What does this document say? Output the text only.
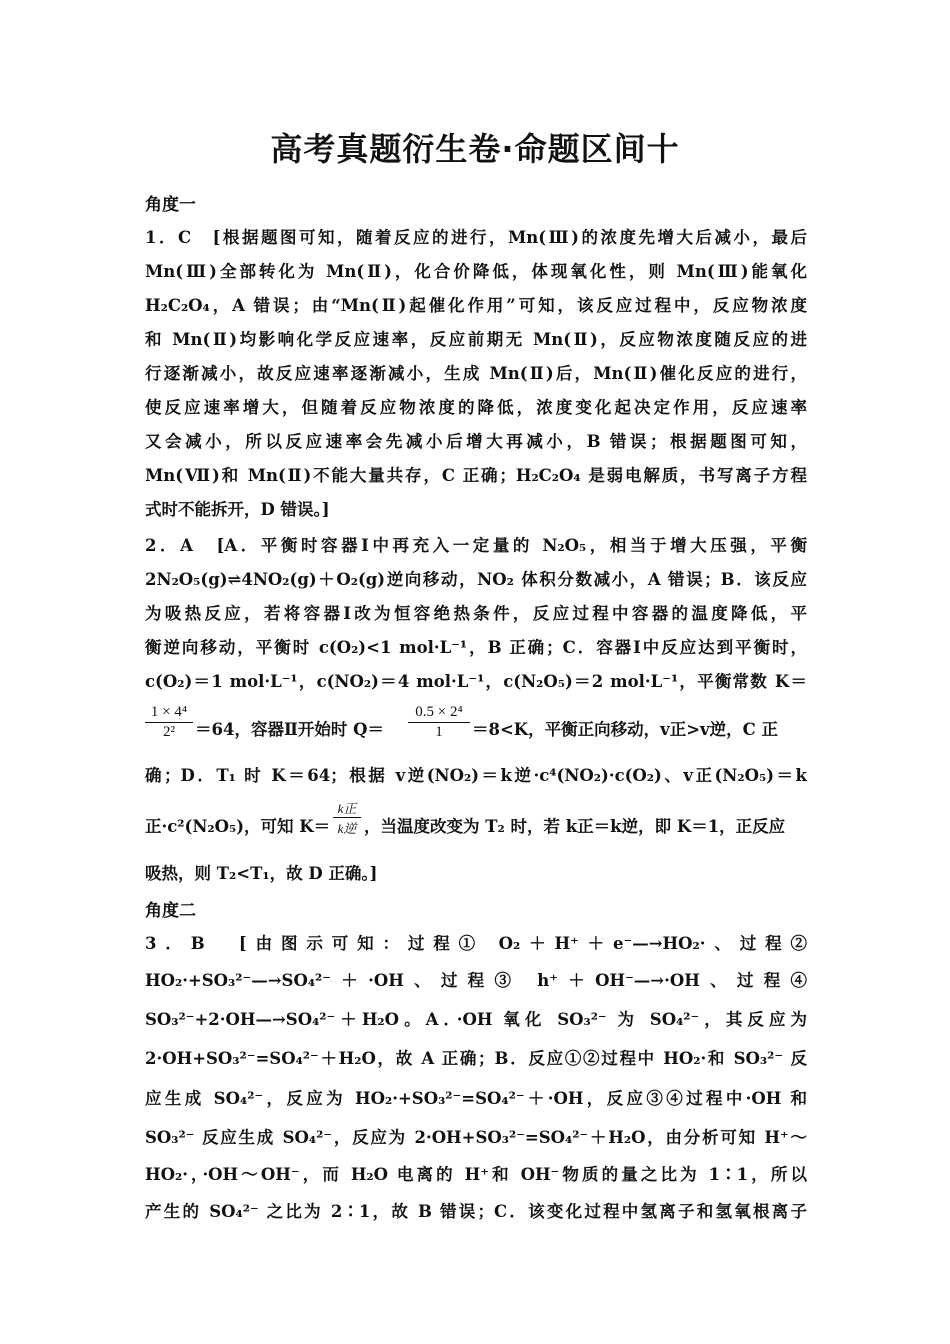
高考真题衍生卷·命题区间十
角度一
1．C　[根据题图可知，随着反应的进行，Mn(Ⅲ)的浓度先增大后减小，最后
Mn(Ⅲ)全部转化为 Mn(Ⅱ)，化合价降低，体现氧化性，则 Mn(Ⅲ)能氧化
H₂C₂O₄，A 错误；由“Mn(Ⅱ)起催化作用”可知，该反应过程中，反应物浓度
和 Mn(Ⅱ)均影响化学反应速率，反应前期无 Mn(Ⅱ)，反应物浓度随反应的进
行逐渐减小，故反应速率逐渐减小，生成 Mn(Ⅱ)后，Mn(Ⅱ)催化反应的进行，
使反应速率增大，但随着反应物浓度的降低，浓度变化起决定作用，反应速率
又会减小，所以反应速率会先减小后增大再减小，B 错误；根据题图可知，
Mn(Ⅶ)和 Mn(Ⅱ)不能大量共存，C 正确；H₂C₂O₄ 是弱电解质，书写离子方程
式时不能拆开，D 错误。]
2．A　[A．平衡时容器Ⅰ中再充入一定量的 N₂O₅，相当于增大压强，平衡
2N₂O₅(g)⇌4NO₂(g)＋O₂(g)逆向移动，NO₂ 体积分数减小，A 错误；B．该反应
为吸热反应，若将容器Ⅰ改为恒容绝热条件，反应过程中容器的温度降低，平
衡逆向移动，平衡时 c(O₂)<1 mol·L⁻¹，B 正确；C．容器Ⅰ中反应达到平衡时，
c(O₂)＝1 mol·L⁻¹，c(NO₂)＝4 mol·L⁻¹，c(N₂O₅)＝2 mol·L⁻¹，平衡常数 K＝
$\frac{\text{1 × 4⁴}}{\text{2²}} =64$，容器Ⅱ开始时 $Q= \frac{\text{0.5 × 2⁴}}{1} =8<K$，平衡正向移动，v正>v逆，C 正
确；D．T₁ 时 K＝64；根据 v逆(NO₂)＝k逆·c⁴(NO₂)·c(O₂)、v正(N₂O₅)＝k
正·c²(N₂O₅)，可知 K＝
k正
k逆 ，当温度改变为 T₂ 时，若 k正＝k逆，即 K＝1，正反应
吸热，则 T₂<T₁，故 D 正确。]
角度二
3．B　[由图示可知：过程① O₂＋H⁺＋e⁻—→HO₂·、过程②
HO₂·+SO₃²⁻—→SO₄²⁻＋·OH、过程③ h⁺＋OH⁻—→·OH、过程④
SO₃²⁻+2·OH—→SO₄²⁻＋H₂O。A．·OH 氧化 SO₃²⁻ 为 SO₄²⁻，其反应为
2·OH+SO₃²⁻=SO₄²⁻＋H₂O，故 A 正确；B．反应①②过程中 HO₂·和 SO₃²⁻ 反
应生成 SO₄²⁻，反应为 HO₂·+SO₃²⁻=SO₄²⁻＋·OH，反应③④过程中·OH 和
SO₃²⁻ 反应生成 SO₄²⁻，反应为 2·OH+SO₃²⁻=SO₄²⁻＋H₂O，由分析可知 H⁺～
HO₂·，·OH～OH⁻，而 H₂O 电离的 H⁺和 OH⁻物质的量之比为 1∶1，所以
产生的 SO₄²⁻ 之比为 2∶1，故 B 错误；C．该变化过程中氢离子和氢氧根离子
